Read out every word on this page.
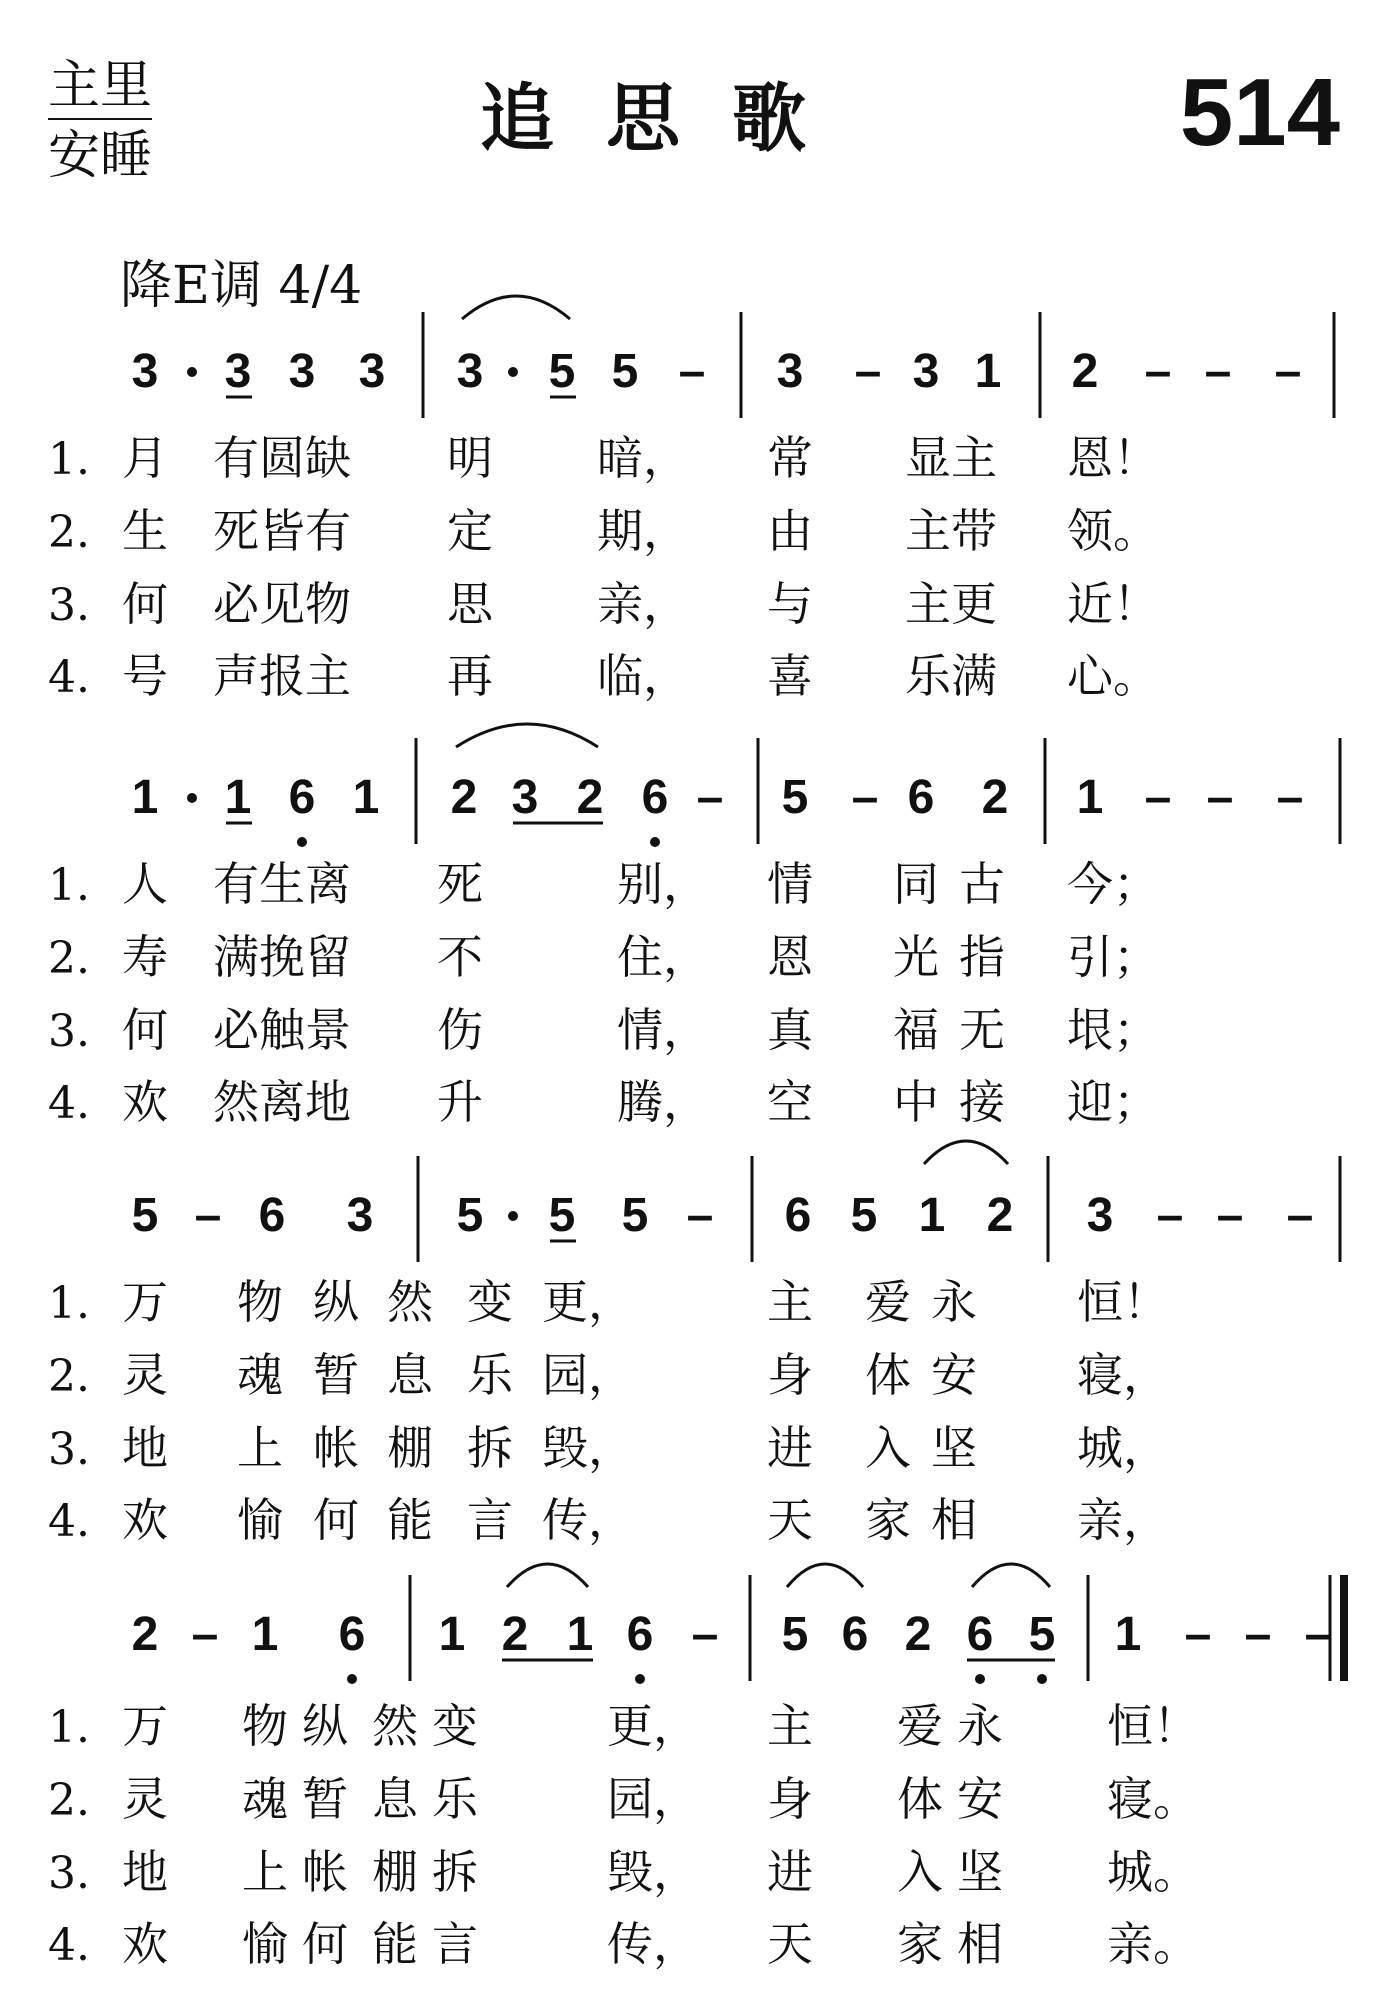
主里
安睡	追思歌	514
降E调 4/4
3 3 3 3 3 5 5 – 3 – 3 1 2 – – –
1. 月 有 圆 缺 明 暗， 常 显 主 恩！
2. 生 死 皆 有 定 期， 由 主 带 领。
3. 何 必 见 物 思 亲， 与 主 更 近！
4. 号 声 报 主 再 临， 喜 乐 满 心。
1 1 6 1 2 3 2 6 – 5 – 6 2 1 – – –
1. 人 有 生 离 死	别， 情 同 古 今；
2. 寿 满 挽 留 不	住， 恩 光 指 引；
3. 何 必 触 景 伤	情， 真 福 无 垠；
4. 欢 然 离 地 升	腾， 空 中 接 迎；
5 – 6 3 5 5 5 – 6 5 1 2 3 – – –
1. 万 物 纵 然 变 更，	主 爱 永 恒！
2. 灵 魂 暂 息 乐 园，	身 体 安 寝，
3. 地 上 帐 棚 拆 毁，	进 入 坚 城，
4. 欢 愉 何 能 言 传，	天 家 相 亲，
2 – 1 6 1 2 1 6 – 5 6 2 6 5 1 – – –
1. 万 物 纵 然 变	更， 主 爱 永 恒！
2. 灵 魂 暂 息 乐	园， 身 体 安 寝。
3. 地 上 帐 棚 拆	毁， 进 入 坚 城。
4. 欢 愉 何 能 言	传， 天 家 相 亲。
